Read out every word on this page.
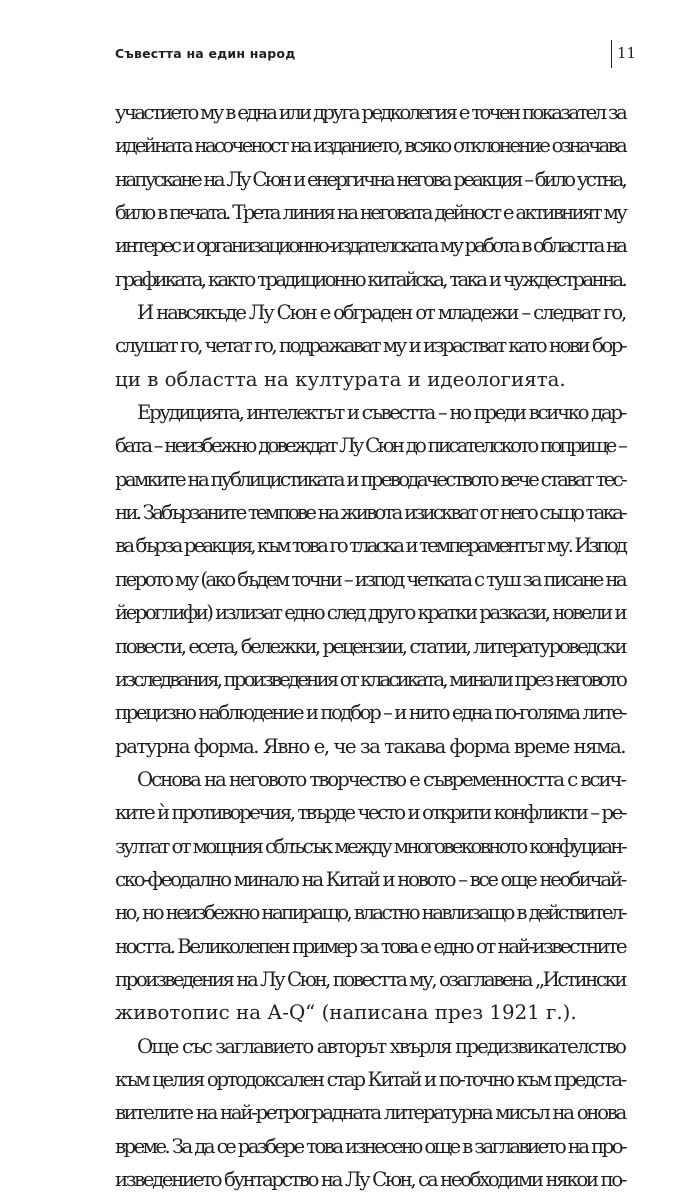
Съвестта на един народ	11
участието му в една или друга редколегия е точен показател за
идейната насоченост на изданието, всяко отклонение означава
напускане на Лу Сюн и енергична негова реакция – било устна,
било в печата. Трета линия на неговата дейност е активният му
интерес и организационно-издателската му работа в областта на
графиката, както традиционно китайска, така и чуждестранна.
И навсякъде Лу Сюн е обграден от младежи – следват го,
слушат го, четат го, подражават му и израстват като нови бор-
ци в областта на културата и идеологията.
Ерудицията, интелектът и съвестта – но преди всичко дар-
бата – неизбежно довеждат Лу Сюн до писателското поприще –
рамките на публицистиката и преводачеството вече стават тес-
ни. Забързаните темпове на живота изискват от него също така-
ва бърза реакция, към това го тласка и темпераментът му. Изпод
перото му (ако бъдем точни – изпод четката с туш за писане на
йероглифи) излизат едно след друго кратки разкази, новели и
повести, есета, бележки, рецензии, статии, литературоведски
изследвания, произведения от класиката, минали през неговото
прецизно наблюдение и подбор – и нито една по-голяма лите-
ратурна форма. Явно е, че за такава форма време няма.
Основа на неговото творчество е съвременността с всич-
ките ѝ противоречия, твърде често и открити конфликти – ре-
зултат от мощния сблъсък между многовековното конфуциан-
ско-феодално минало на Китай и новото – все още необичай-
но, но неизбежно напиращо, властно навлизащо в действител-
ността. Великолепен пример за това е едно от най-известните
произведения на Лу Сюн, повестта му, озаглавена „Истински
животопис на А-Q“ (написана през 1921 г.).
Още със заглавието авторът хвърля предизвикателство
към целия ортодоксален стар Китай и по-точно към предста-
вителите на най-ретроградната литературна мисъл на онова
време. За да се разбере това изнесено още в заглавието на про-
изведението бунтарство на Лу Сюн, са необходими някои по-
